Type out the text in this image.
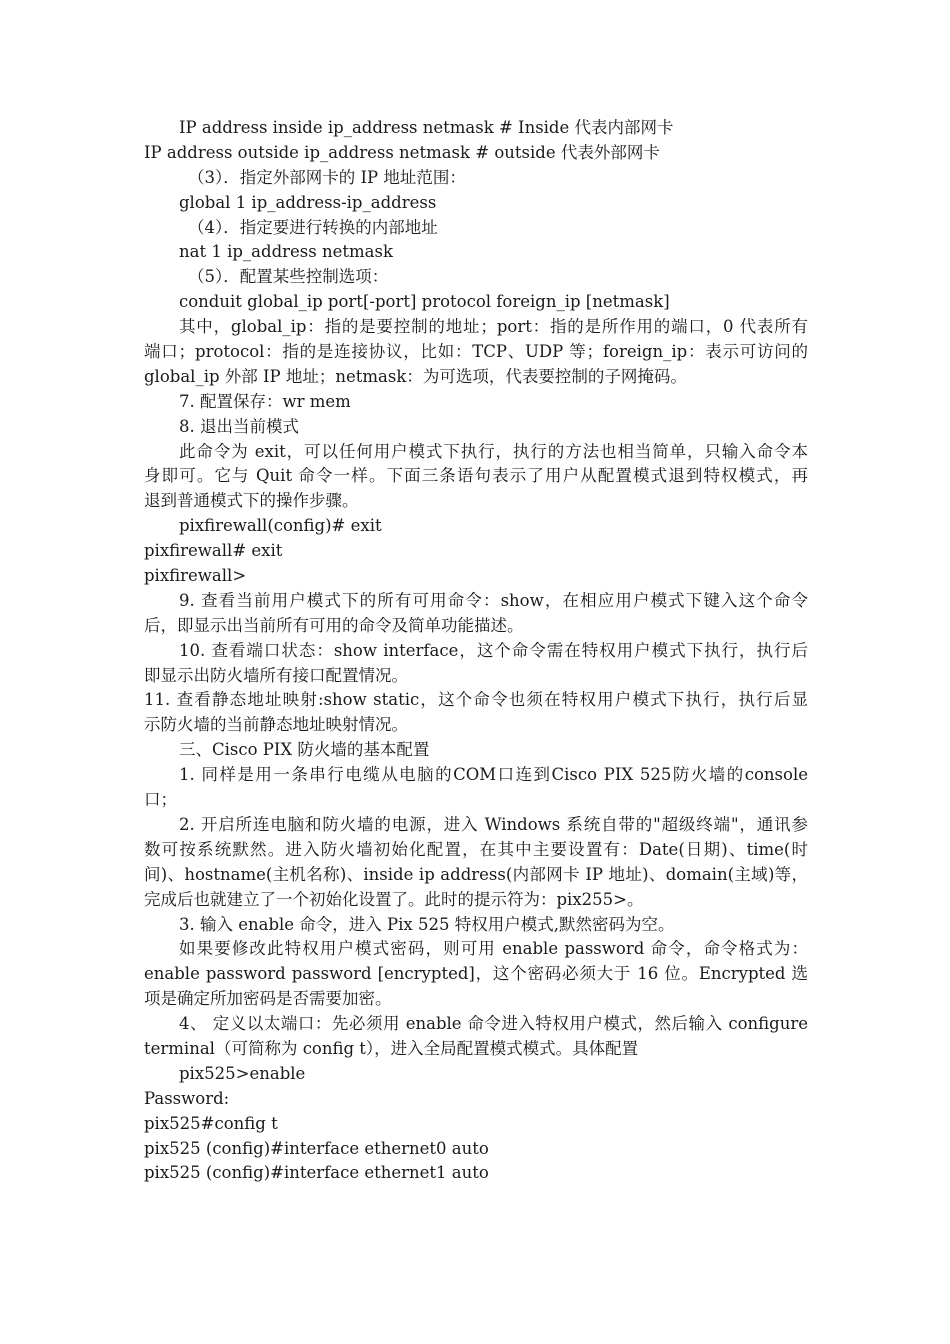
IP address inside ip_address netmask # Inside 代表内部网卡
IP address outside ip_address netmask # outside 代表外部网卡
（3）．指定外部网卡的 IP 地址范围：
global 1 ip_address-ip_address
（4）．指定要进行转换的内部地址
nat 1 ip_address netmask
（5）．配置某些控制选项：
conduit global_ip port[-port] protocol foreign_ip [netmask]
其中，global_ip：指的是要控制的地址；port：指的是所作用的端口，0 代表所有
端口；protocol：指的是连接协议，比如：TCP、UDP 等；foreign_ip：表示可访问的
global_ip 外部 IP 地址；netmask：为可选项，代表要控制的子网掩码。
7. 配置保存：wr mem
8. 退出当前模式
此命令为 exit，可以任何用户模式下执行，执行的方法也相当简单，只输入命令本
身即可。它与 Quit 命令一样。下面三条语句表示了用户从配置模式退到特权模式，再
退到普通模式下的操作步骤。
pixfirewall(config)# exit
pixfirewall# exit
pixfirewall>
9. 查看当前用户模式下的所有可用命令：show，在相应用户模式下键入这个命令
后，即显示出当前所有可用的命令及简单功能描述。
10. 查看端口状态：show interface，这个命令需在特权用户模式下执行，执行后
即显示出防火墙所有接口配置情况。
11. 查看静态地址映射:show static，这个命令也须在特权用户模式下执行，执行后显
示防火墙的当前静态地址映射情况。
三、Cisco PIX 防火墙的基本配置
1. 同样是用一条串行电缆从电脑的COM口连到Cisco PIX 525防火墙的console
口；
2. 开启所连电脑和防火墙的电源，进入 Windows 系统自带的"超级终端"，通讯参
数可按系统默然。进入防火墙初始化配置，在其中主要设置有：Date(日期)、time(时
间)、hostname(主机名称)、inside ip address(内部网卡 IP 地址)、domain(主域)等，
完成后也就建立了一个初始化设置了。此时的提示符为：pix255>。
3. 输入 enable 命令，进入 Pix 525 特权用户模式,默然密码为空。
如果要修改此特权用户模式密码，则可用 enable password 命令，命令格式为：
enable password password [encrypted]，这个密码必须大于 16 位。Encrypted 选
项是确定所加密码是否需要加密。
4、 定义以太端口：先必须用 enable 命令进入特权用户模式，然后输入 configure
terminal（可简称为 config t），进入全局配置模式模式。具体配置
pix525>enable
Password:
pix525#config t
pix525 (config)#interface ethernet0 auto
pix525 (config)#interface ethernet1 auto
